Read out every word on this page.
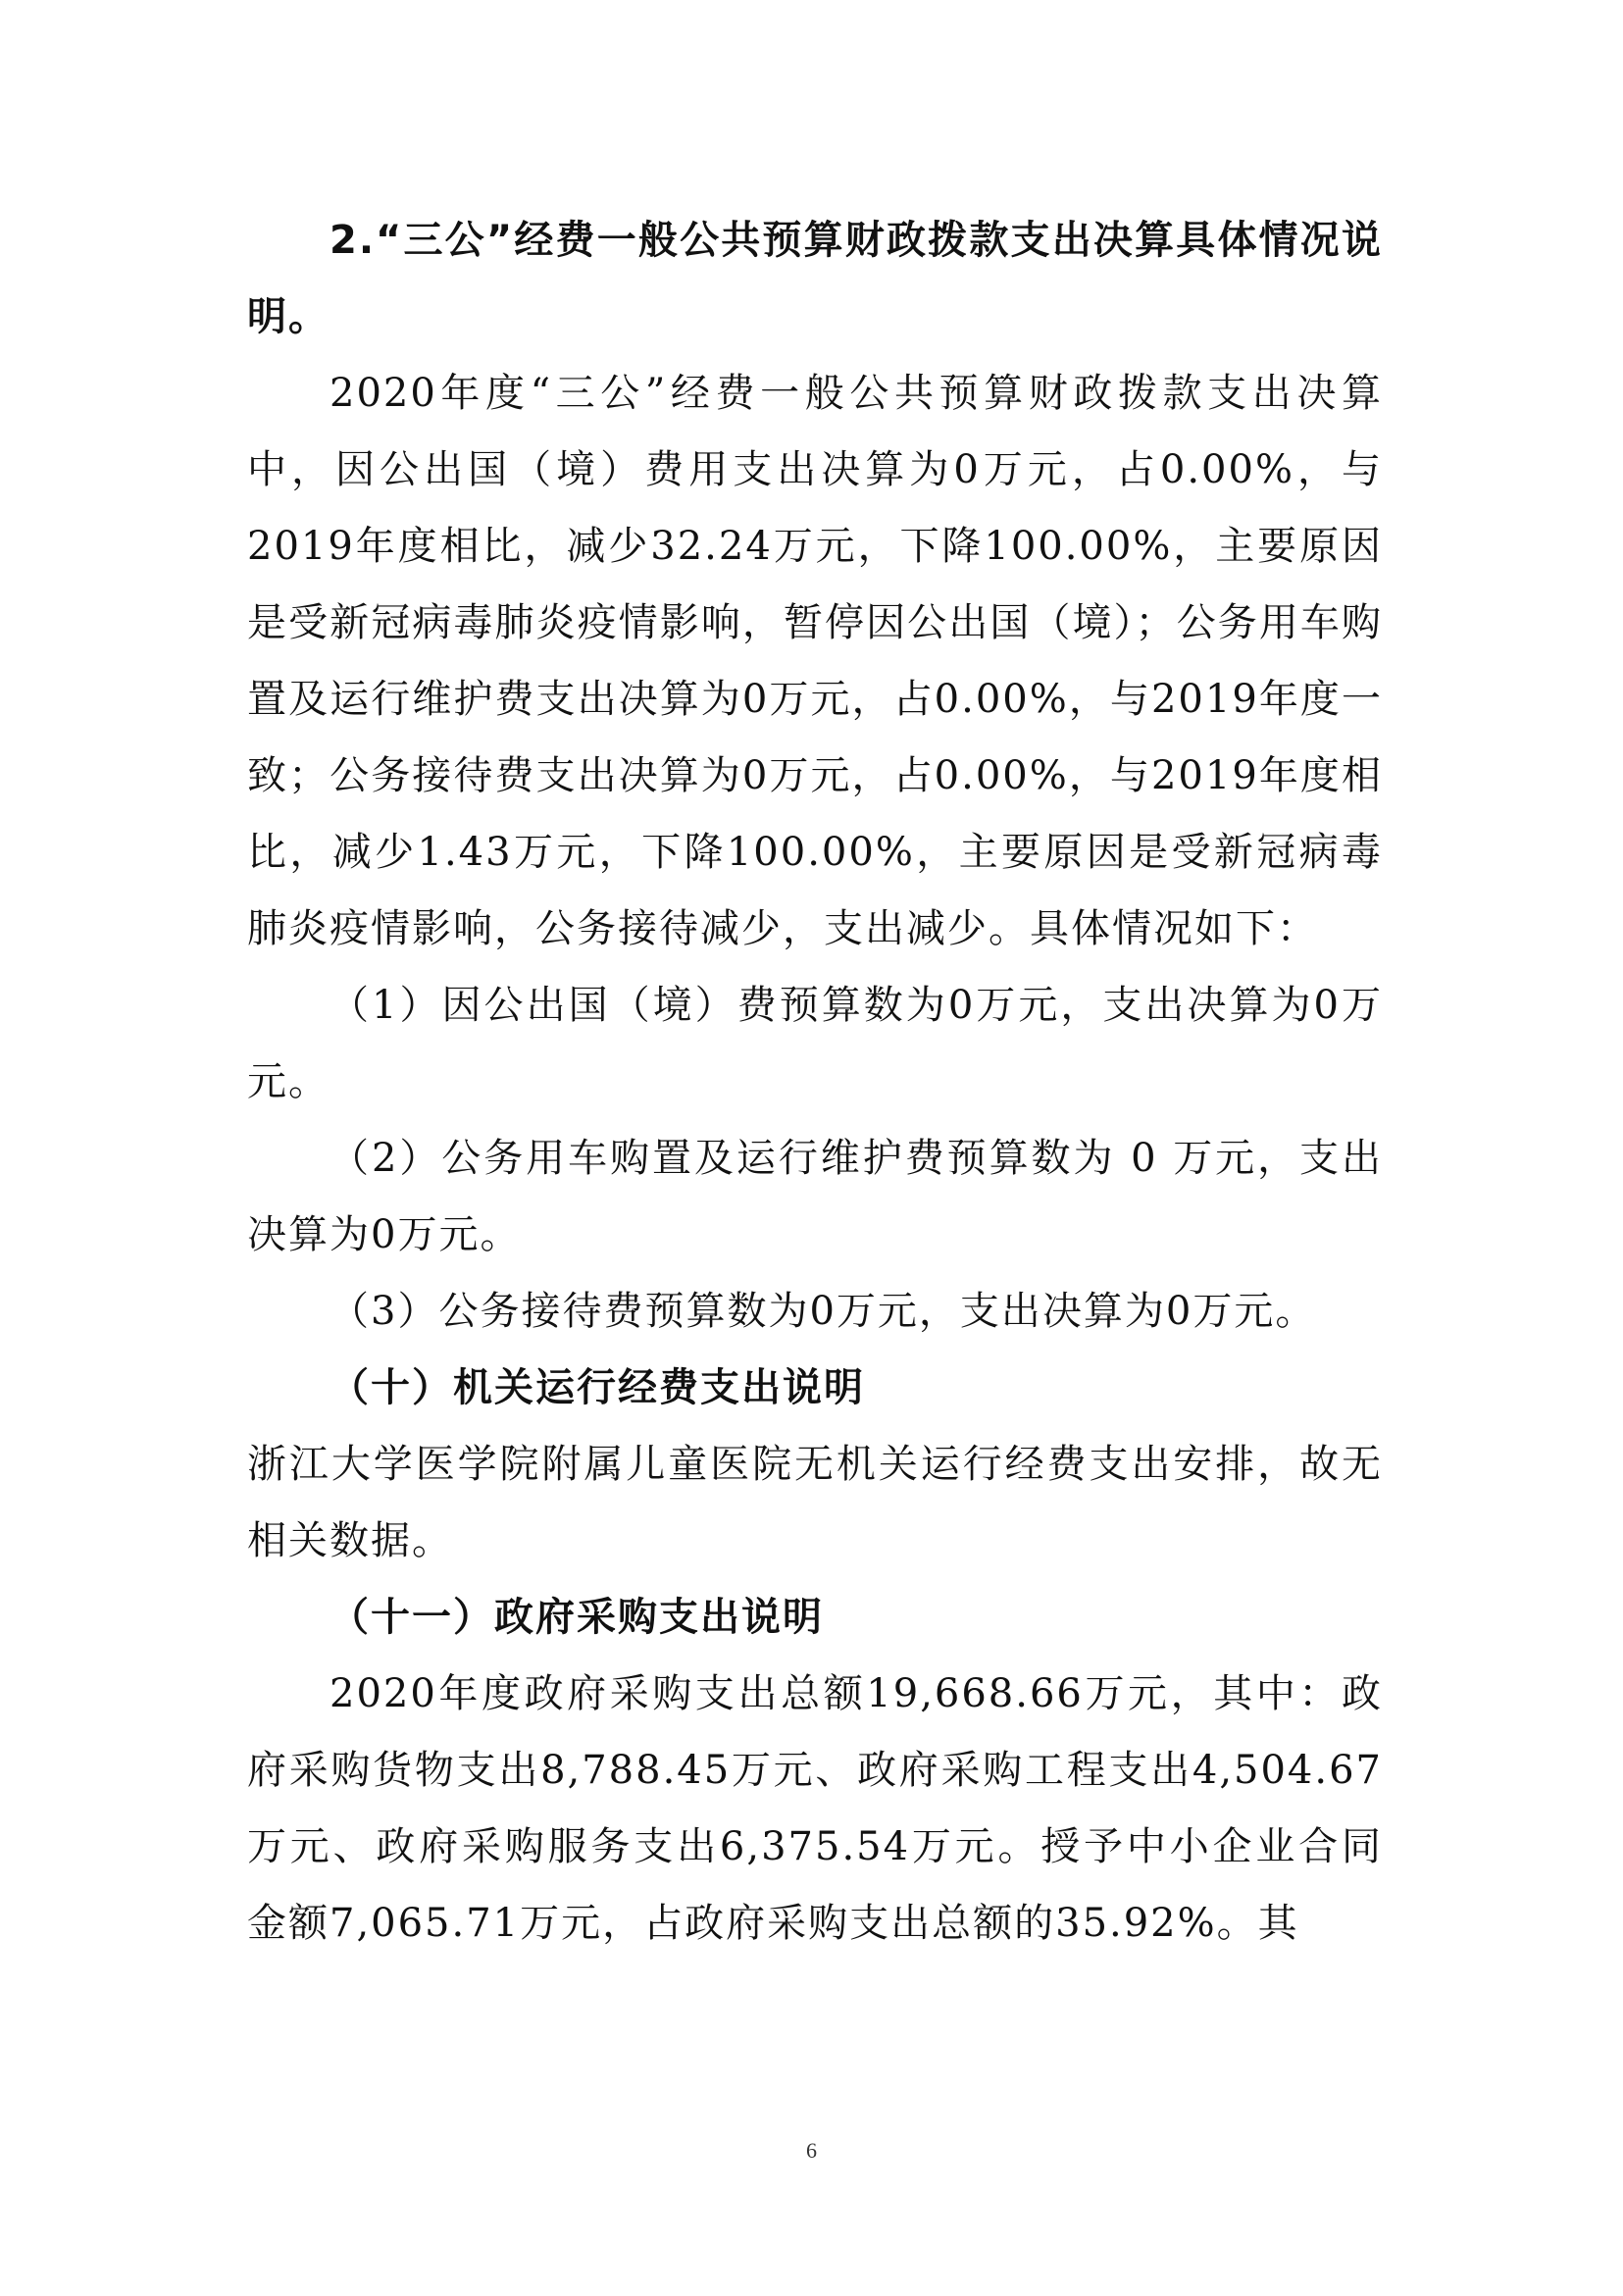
2.“三公”经费一般公共预算财政拨款支出决算具体情况说明。

2020年度“三公”经费一般公共预算财政拨款支出决算中，因公出国（境）费用支出决算为0万元，占0.00%，与2019年度相比，减少32.24万元，下降100.00%，主要原因是受新冠病毒肺炎疫情影响，暂停因公出国（境）；公务用车购置及运行维护费支出决算为0万元，占0.00%，与2019年度一致；公务接待费支出决算为0万元，占0.00%，与2019年度相比，减少1.43万元，下降100.00%，主要原因是受新冠病毒肺炎疫情影响，公务接待减少，支出减少。具体情况如下：

（1）因公出国（境）费预算数为0万元，支出决算为0万元。

（2）公务用车购置及运行维护费预算数为 0 万元，支出决算为0万元。

（3）公务接待费预算数为0万元，支出决算为0万元。

（十）机关运行经费支出说明

浙江大学医学院附属儿童医院无机关运行经费支出安排，故无相关数据。

（十一）政府采购支出说明

2020年度政府采购支出总额19,668.66万元，其中：政府采购货物支出8,788.45万元、政府采购工程支出4,504.67万元、政府采购服务支出6,375.54万元。授予中小企业合同金额7,065.71万元，占政府采购支出总额的35.92%。其

6
